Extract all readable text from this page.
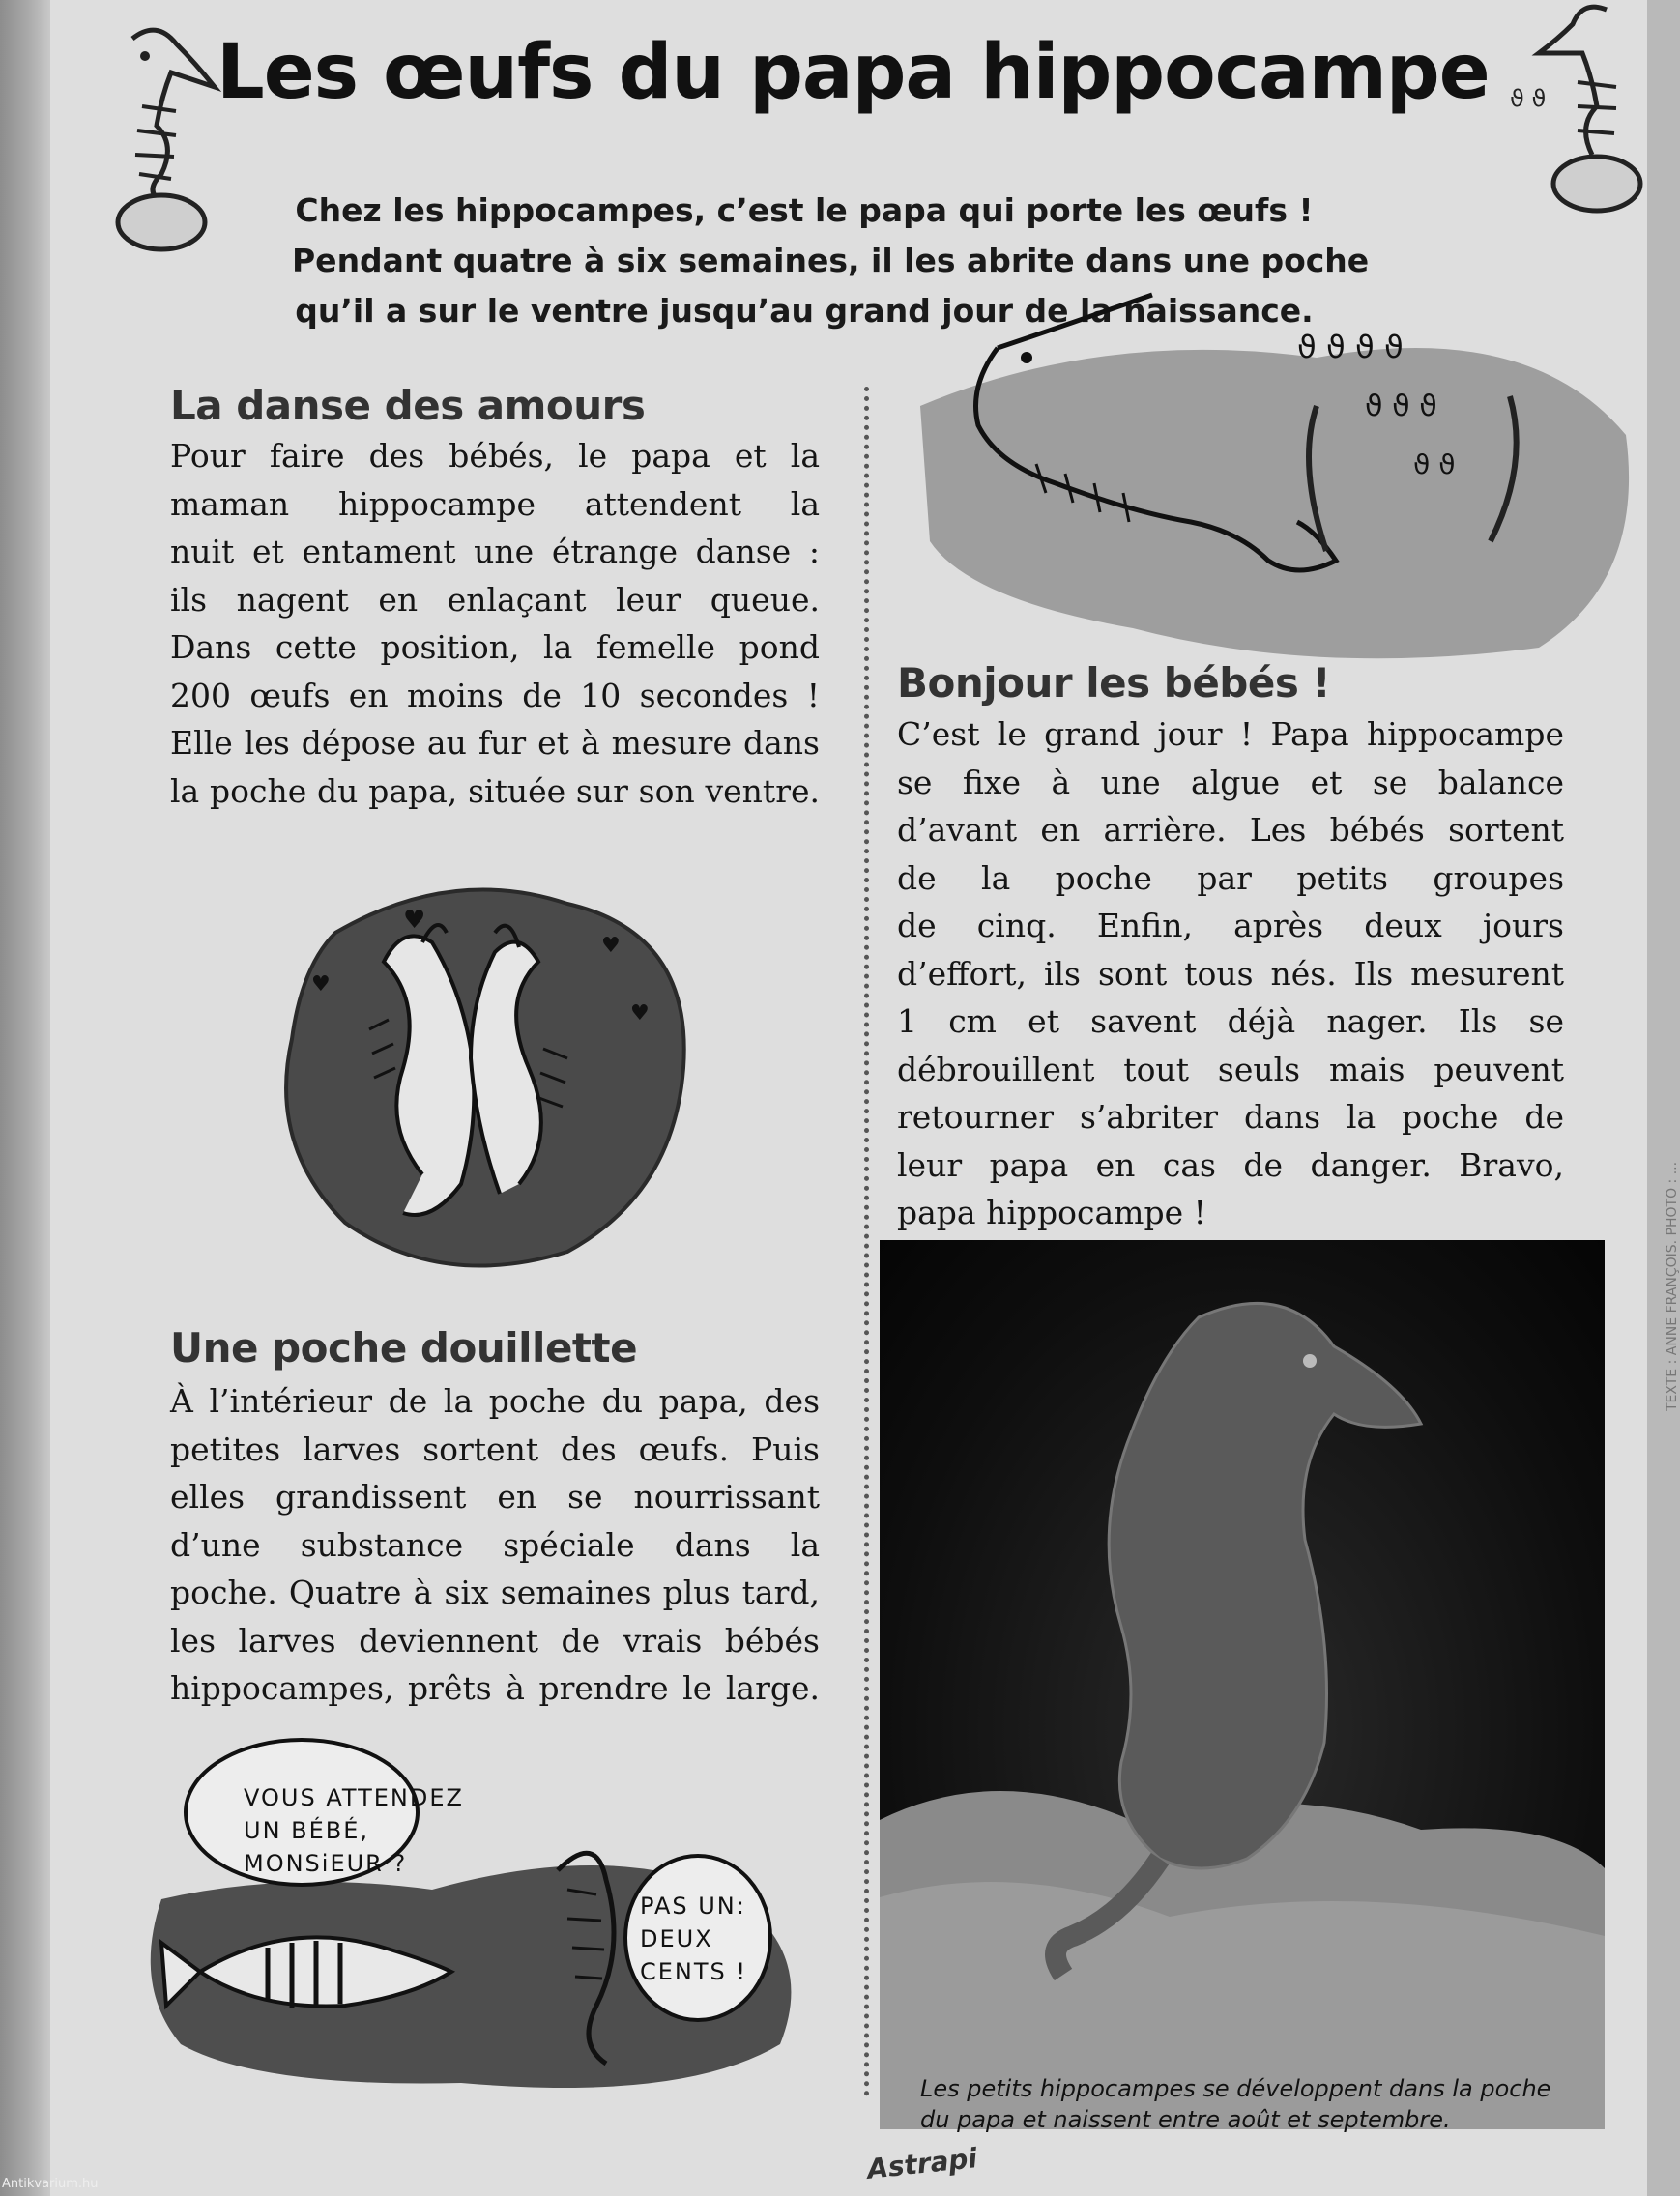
ϑ ϑ
Les œufs du papa hippocampe
Chez les hippocampes, c’est le papa qui porte les œufs !
Pendant quatre à six semaines, il les abrite dans une poche
qu’il a sur le ventre jusqu’au grand jour de la naissance.
La danse des amours
Pour faire des bébés, le papa et la
maman hippocampe attendent la
nuit et entament une étrange danse :
ils nagent en enlaçant leur queue.
Dans cette position, la femelle pond
200 œufs en moins de 10 secondes !
Elle les dépose au fur et à mesure dans
la poche du papa, située sur son ventre.
♥
♥
♥
♥
Une poche douillette
À l’intérieur de la poche du papa, des
petites larves sortent des œufs. Puis
elles grandissent en se nourrissant
d’une substance spéciale dans la
poche. Quatre à six semaines plus tard,
les larves deviennent de vrais bébés
hippocampes, prêts à prendre le large.
VOUS ATTENDEZ
UN BÉBÉ,
MONSiEUR ?
PAS UN:
DEUX
CENTS !
ϑ ϑ ϑ ϑ
ϑ ϑ ϑ
ϑ ϑ
Bonjour les bébés !
C’est le grand jour ! Papa hippocampe
se fixe à une algue et se balance
d’avant en arrière. Les bébés sortent
de la poche par petits groupes
de cinq. Enfin, après deux jours
d’effort, ils sont tous nés. Ils mesurent
1 cm et savent déjà nager. Ils se
débrouillent tout seuls mais peuvent
retourner s’abriter dans la poche de
leur papa en cas de danger. Bravo,
papa hippocampe !
Les petits hippocampes se développent dans la poche
du papa et naissent entre août et septembre.
TEXTE : ANNE FRANÇOIS. PHOTO : ...
Astrapi
Antikvarium.hu
